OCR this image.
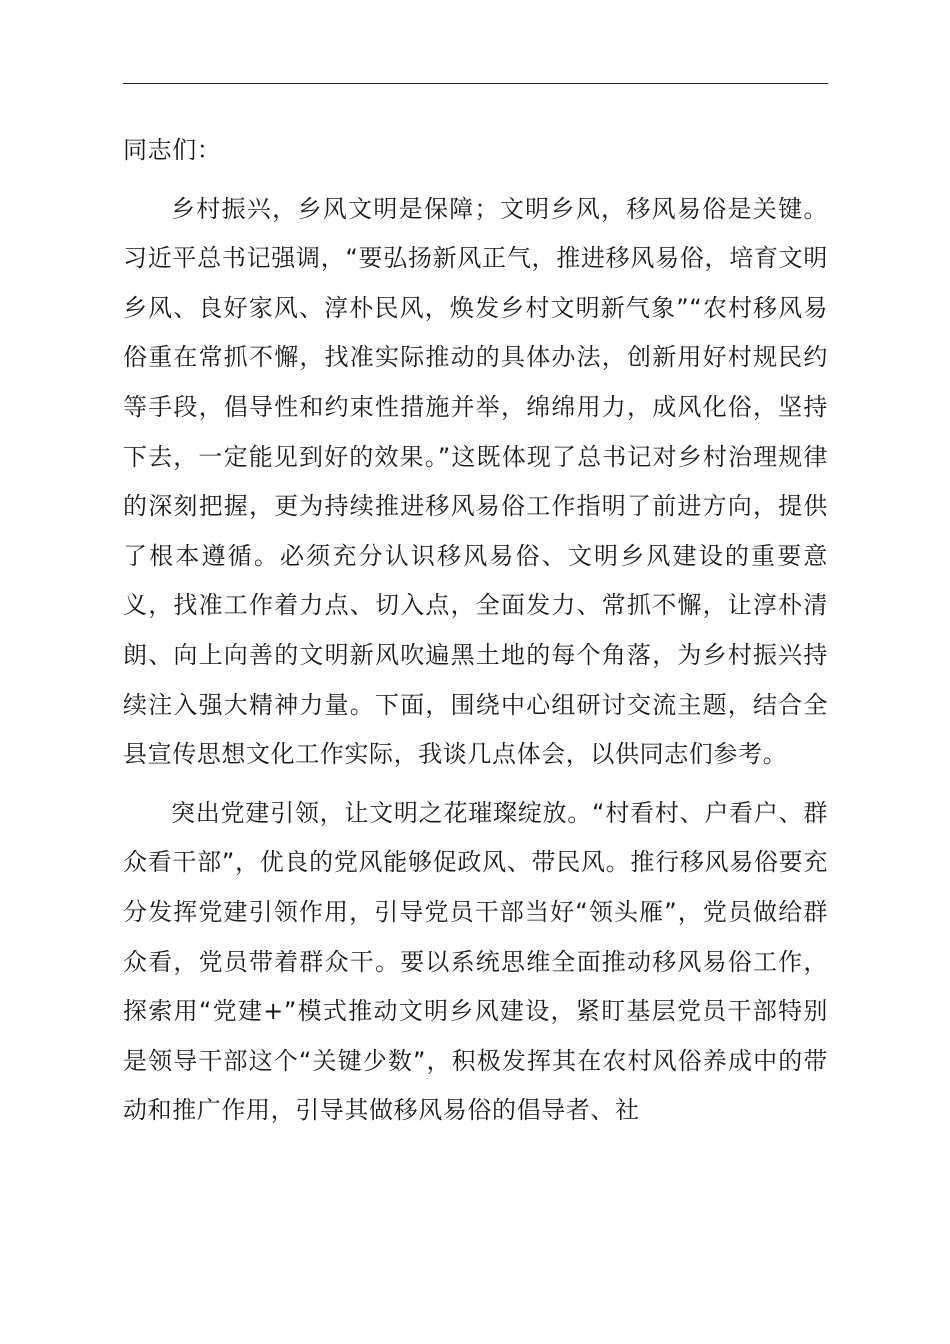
同志们：

乡村振兴，乡风文明是保障；文明乡风，移风易俗是关键。习近平总书记强调，“要弘扬新风正气，推进移风易俗，培育文明乡风、良好家风、淳朴民风，焕发乡村文明新气象”“农村移风易俗重在常抓不懈，找准实际推动的具体办法，创新用好村规民约等手段，倡导性和约束性措施并举，绵绵用力，成风化俗，坚持下去，一定能见到好的效果。”这既体现了总书记对乡村治理规律的深刻把握，更为持续推进移风易俗工作指明了前进方向，提供了根本遵循。必须充分认识移风易俗、文明乡风建设的重要意义，找准工作着力点、切入点，全面发力、常抓不懈，让淳朴清朗、向上向善的文明新风吹遍黑土地的每个角落，为乡村振兴持续注入强大精神力量。下面，围绕中心组研讨交流主题，结合全县宣传思想文化工作实际，我谈几点体会，以供同志们参考。

突出党建引领，让文明之花璀璨绽放。“村看村、户看户、群众看干部”，优良的党风能够促政风、带民风。推行移风易俗要充分发挥党建引领作用，引导党员干部当好“领头雁”，党员做给群众看，党员带着群众干。要以系统思维全面推动移风易俗工作，探索用“党建+”模式推动文明乡风建设，紧盯基层党员干部特别是领导干部这个“关键少数”，积极发挥其在农村风俗养成中的带动和推广作用，引导其做移风易俗的倡导者、社
